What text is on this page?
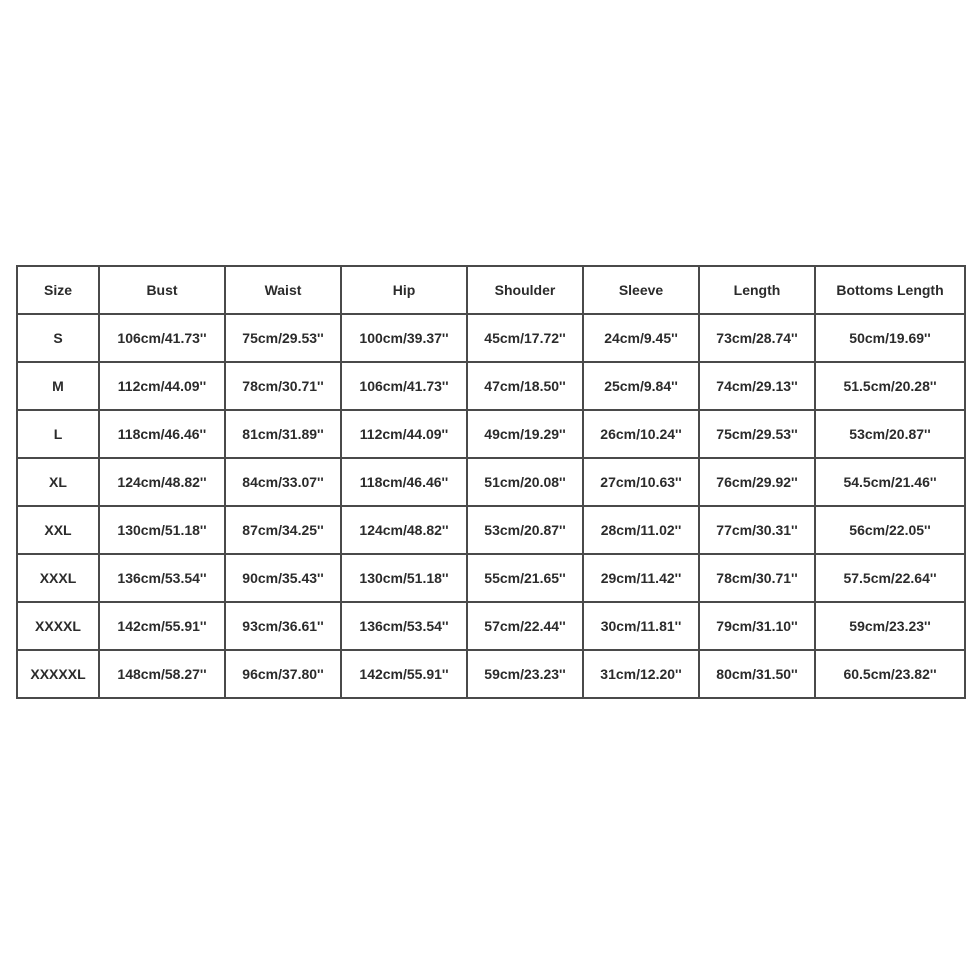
Size	Bust	Waist	Hip	Shoulder	Sleeve	Length	Bottoms Length
S	106cm/41.73''	75cm/29.53''	100cm/39.37''	45cm/17.72''	24cm/9.45''	73cm/28.74''	50cm/19.69''
M	112cm/44.09''	78cm/30.71''	106cm/41.73''	47cm/18.50''	25cm/9.84''	74cm/29.13''	51.5cm/20.28''
L	118cm/46.46''	81cm/31.89''	112cm/44.09''	49cm/19.29''	26cm/10.24''	75cm/29.53''	53cm/20.87''
XL	124cm/48.82''	84cm/33.07''	118cm/46.46''	51cm/20.08''	27cm/10.63''	76cm/29.92''	54.5cm/21.46''
XXL	130cm/51.18''	87cm/34.25''	124cm/48.82''	53cm/20.87''	28cm/11.02''	77cm/30.31''	56cm/22.05''
XXXL	136cm/53.54''	90cm/35.43''	130cm/51.18''	55cm/21.65''	29cm/11.42''	78cm/30.71''	57.5cm/22.64''
XXXXL	142cm/55.91''	93cm/36.61''	136cm/53.54''	57cm/22.44''	30cm/11.81''	79cm/31.10''	59cm/23.23''
XXXXXL	148cm/58.27''	96cm/37.80''	142cm/55.91''	59cm/23.23''	31cm/12.20''	80cm/31.50''	60.5cm/23.82''
